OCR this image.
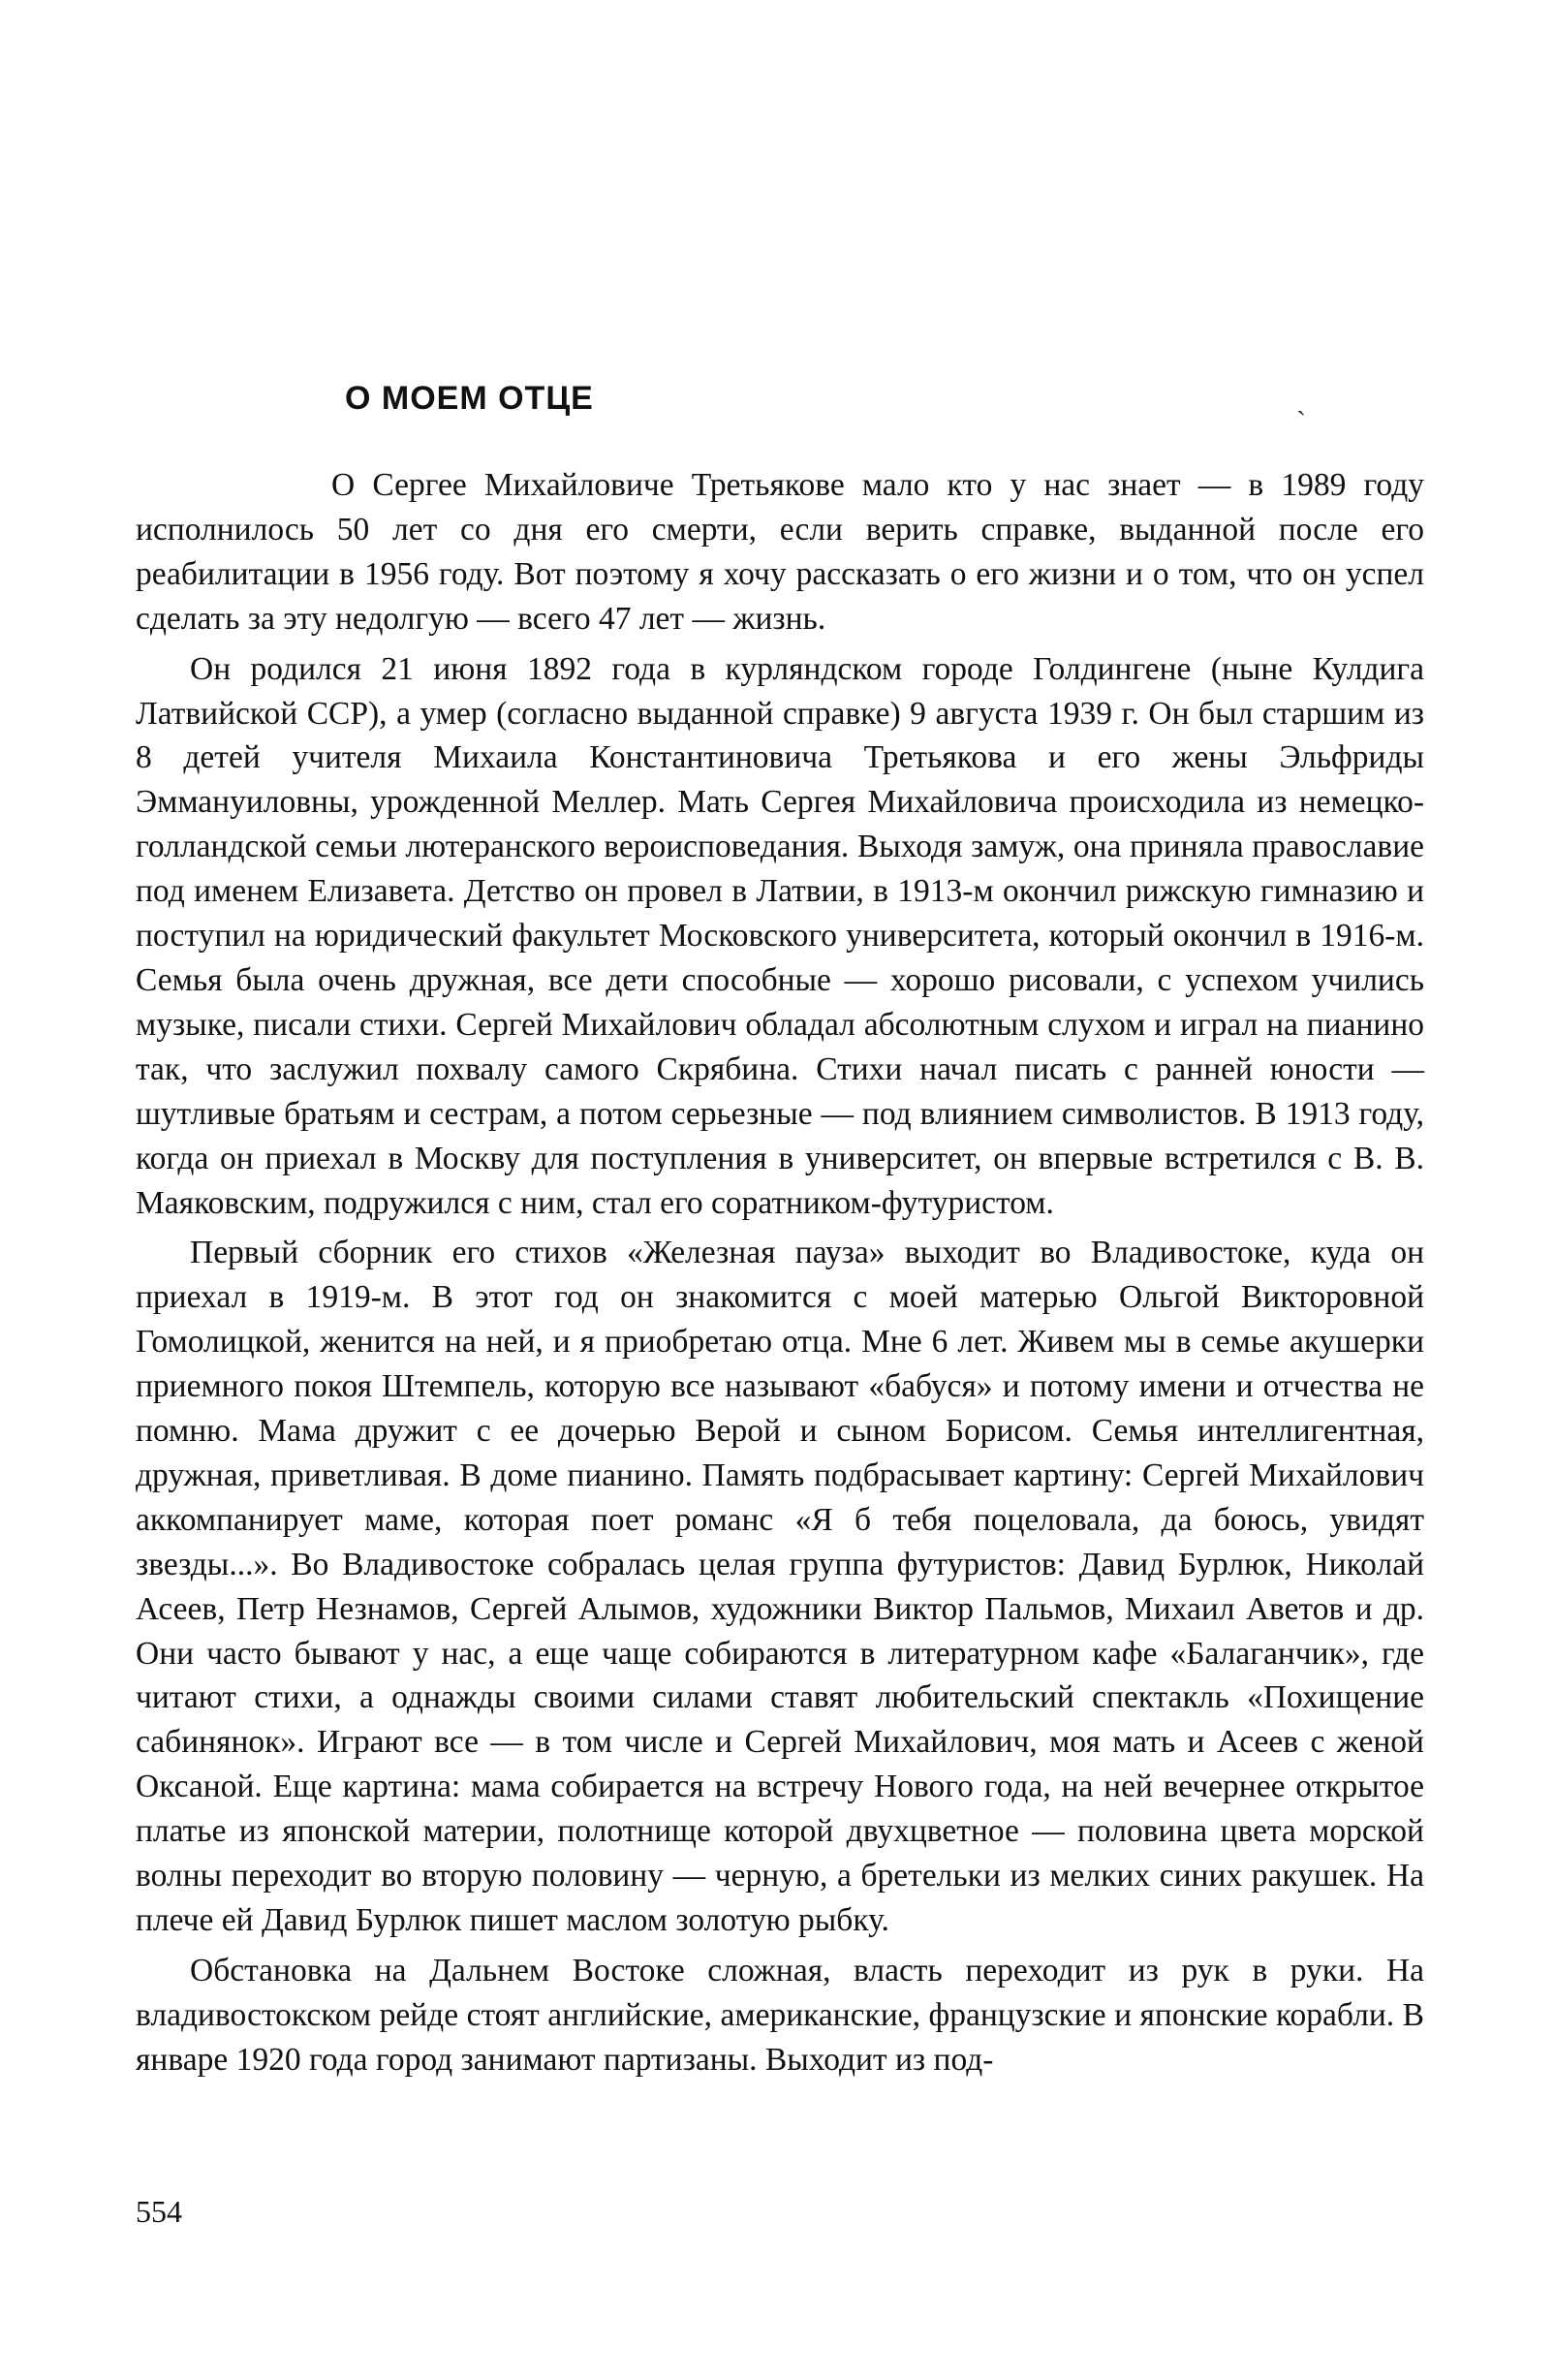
О МОЕМ ОТЦЕ	ˏ

О Сергее Михайловиче Третьякове мало кто у нас знает — в 1989 году исполнилось 50 лет со дня его смерти, если верить справке, выданной после его реабилитации в 1956 году. Вот поэтому я хочу рассказать о его жизни и о том, что он успел сделать за эту недолгую — всего 47 лет — жизнь.

Он родился 21 июня 1892 года в курляндском городе Голдингене (ныне Кулдига Латвийской ССР), а умер (согласно выданной справке) 9 августа 1939 г. Он был старшим из 8 детей учителя Михаила Константиновича Третьякова и его жены Эльфриды Эммануиловны, урожденной Меллер. Мать Сергея Михайловича происходила из немецко-голландской семьи лютеранского вероисповедания. Выходя замуж, она приняла православие под именем Елизавета. Детство он провел в Латвии, в 1913-м окончил рижскую гимназию и поступил на юридический факультет Московского университета, который окончил в 1916-м. Семья была очень дружная, все дети способные — хорошо рисовали, с успехом учились музыке, писали стихи. Сергей Михайлович обладал абсолютным слухом и играл на пианино так, что заслужил похвалу самого Скрябина. Стихи начал писать с ранней юности — шутливые братьям и сестрам, а потом серьезные — под влиянием символистов. В 1913 году, когда он приехал в Москву для поступления в университет, он впервые встретился с В. В. Маяковским, подружился с ним, стал его соратником-футуристом.

Первый сборник его стихов «Железная пауза» выходит во Владивостоке, куда он приехал в 1919-м. В этот год он знакомится с моей матерью Ольгой Викторовной Гомолицкой, женится на ней, и я приобретаю отца. Мне 6 лет. Живем мы в семье акушерки приемного покоя Штемпель, которую все называют «бабуся» и потому имени и отчества не помню. Мама дружит с ее дочерью Верой и сыном Борисом. Семья интеллигентная, дружная, приветливая. В доме пианино. Память подбрасывает картину: Сергей Михайлович аккомпанирует маме, которая поет романс «Я б тебя поцеловала, да боюсь, увидят звезды...». Во Владивостоке собралась целая группа футуристов: Давид Бурлюк, Николай Асеев, Петр Незнамов, Сергей Алымов, художники Виктор Пальмов, Михаил Аветов и др. Они часто бывают у нас, а еще чаще собираются в литературном кафе «Балаганчик», где читают стихи, а однажды своими силами ставят любительский спектакль «Похищение сабинянок». Играют все — в том числе и Сергей Михайлович, моя мать и Асеев с женой Оксаной. Еще картина: мама собирается на встречу Нового года, на ней вечернее открытое платье из японской материи, полотнище которой двухцветное — половина цвета морской волны переходит во вторую половину — черную, а бретельки из мелких синих ракушек. На плече ей Давид Бурлюк пишет маслом золотую рыбку.

Обстановка на Дальнем Востоке сложная, власть переходит из рук в руки. На владивостокском рейде стоят английские, американские, французские и японские корабли. В январе 1920 года город занимают партизаны. Выходит из под-

554
